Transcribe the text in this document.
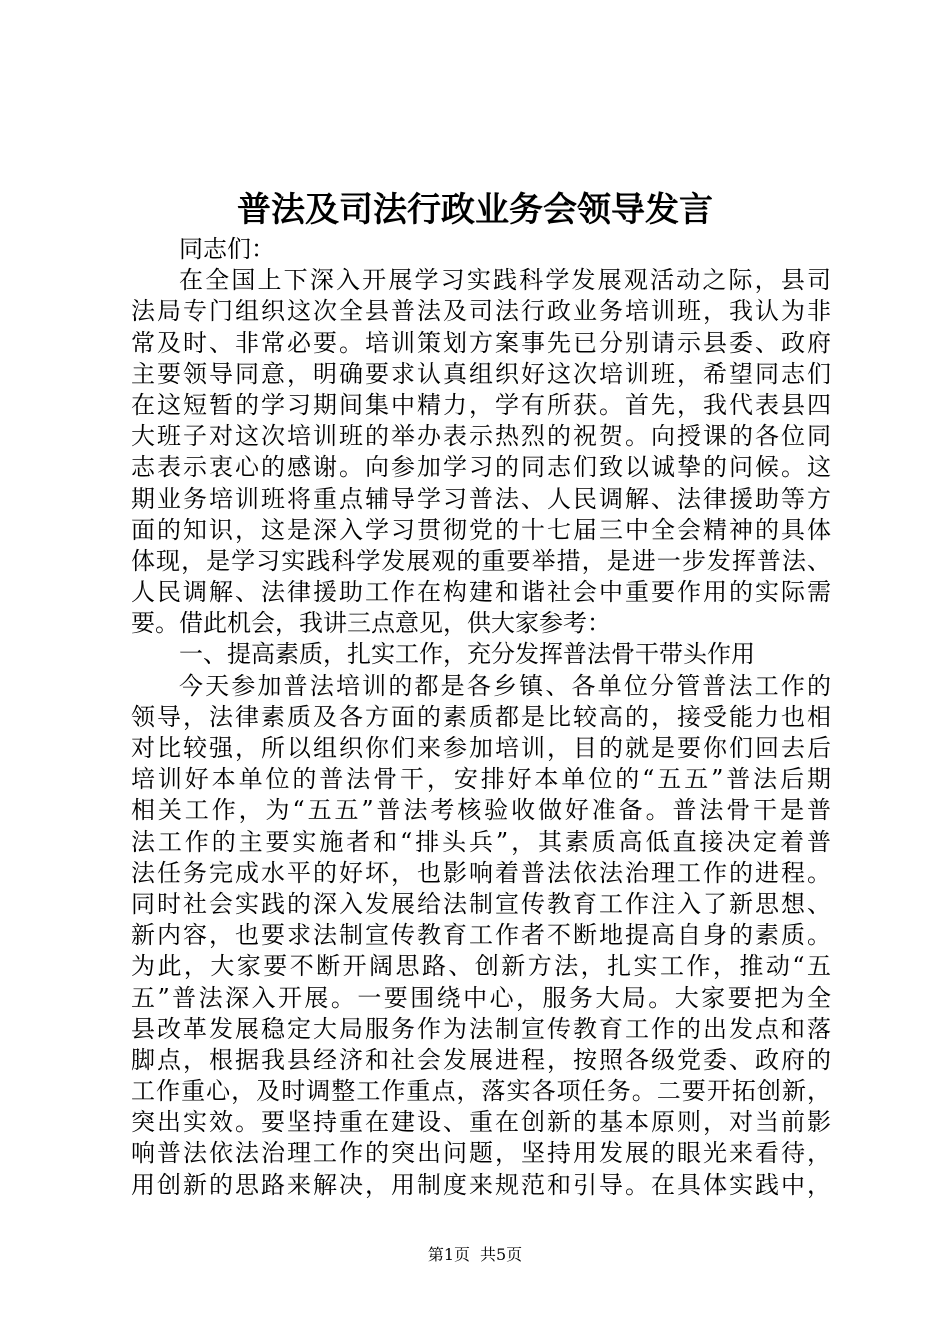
普法及司法行政业务会领导发言
同志们：
在全国上下深入开展学习实践科学发展观活动之际，县司
法局专门组织这次全县普法及司法行政业务培训班，我认为非
常及时、非常必要。培训策划方案事先已分别请示县委、政府
主要领导同意，明确要求认真组织好这次培训班，希望同志们
在这短暂的学习期间集中精力，学有所获。首先，我代表县四
大班子对这次培训班的举办表示热烈的祝贺。向授课的各位同
志表示衷心的感谢。向参加学习的同志们致以诚挚的问候。这
期业务培训班将重点辅导学习普法、人民调解、法律援助等方
面的知识，这是深入学习贯彻党的十七届三中全会精神的具体
体现，是学习实践科学发展观的重要举措，是进一步发挥普法、
人民调解、法律援助工作在构建和谐社会中重要作用的实际需
要。借此机会，我讲三点意见，供大家参考：
一、提高素质，扎实工作，充分发挥普法骨干带头作用
今天参加普法培训的都是各乡镇、各单位分管普法工作的
领导，法律素质及各方面的素质都是比较高的，接受能力也相
对比较强，所以组织你们来参加培训，目的就是要你们回去后
培训好本单位的普法骨干，安排好本单位的“五五”普法后期
相关工作，为“五五”普法考核验收做好准备。普法骨干是普
法工作的主要实施者和“排头兵”，其素质高低直接决定着普
法任务完成水平的好坏，也影响着普法依法治理工作的进程。
同时社会实践的深入发展给法制宣传教育工作注入了新思想、
新内容，也要求法制宣传教育工作者不断地提高自身的素质。
为此，大家要不断开阔思路、创新方法，扎实工作，推动“五
五”普法深入开展。一要围绕中心，服务大局。大家要把为全
县改革发展稳定大局服务作为法制宣传教育工作的出发点和落
脚点，根据我县经济和社会发展进程，按照各级党委、政府的
工作重心，及时调整工作重点，落实各项任务。二要开拓创新，
突出实效。要坚持重在建设、重在创新的基本原则，对当前影
响普法依法治理工作的突出问题，坚持用发展的眼光来看待，
用创新的思路来解决，用制度来规范和引导。在具体实践中，
第1页 共5页
